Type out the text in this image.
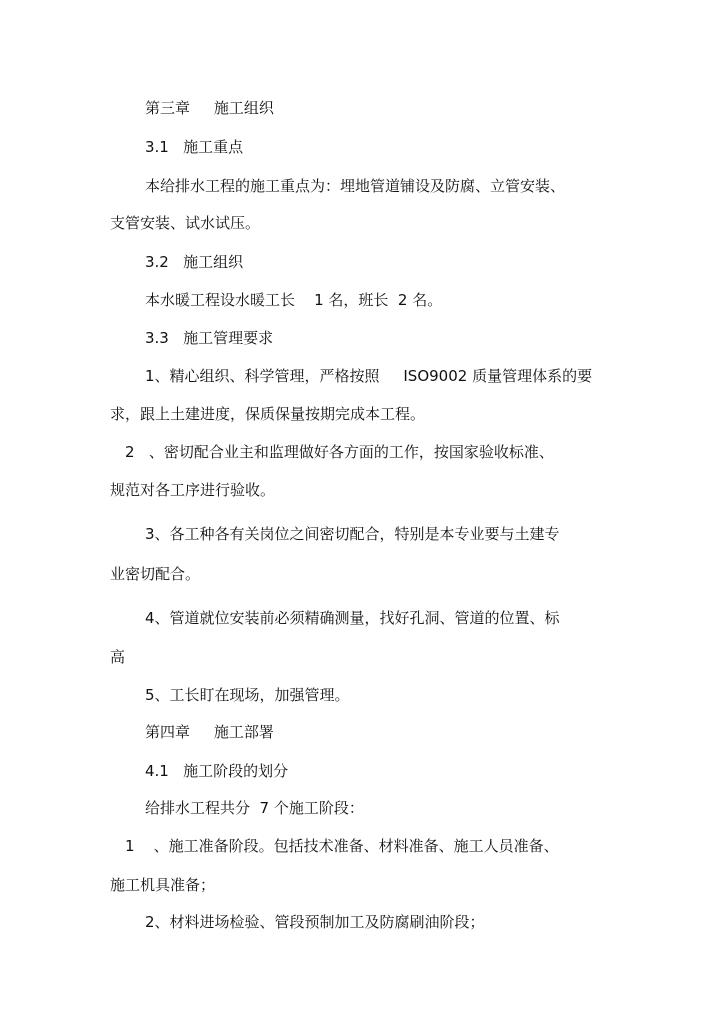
第三章     施工组织
3.1   施工重点
本给排水工程的施工重点为：埋地管道铺设及防腐、立管安装、
支管安装、试水试压。
3.2   施工组织
本水暖工程设水暖工长    1 名，班长  2 名。
3.3   施工管理要求
1、精心组织、科学管理，严格按照     ISO9002 质量管理体系的要
求，跟上土建进度，保质保量按期完成本工程。
2   、密切配合业主和监理做好各方面的工作，按国家验收标准、
规范对各工序进行验收。
3、各工种各有关岗位之间密切配合，特别是本专业要与土建专
业密切配合。
4、管道就位安装前必须精确测量，找好孔洞、管道的位置、标
高
5、工长盯在现场，加强管理。
第四章     施工部署
4.1   施工阶段的划分
给排水工程共分  7 个施工阶段：
1    、施工准备阶段。包括技术准备、材料准备、施工人员准备、
施工机具准备；
2、材料进场检验、管段预制加工及防腐刷油阶段；
